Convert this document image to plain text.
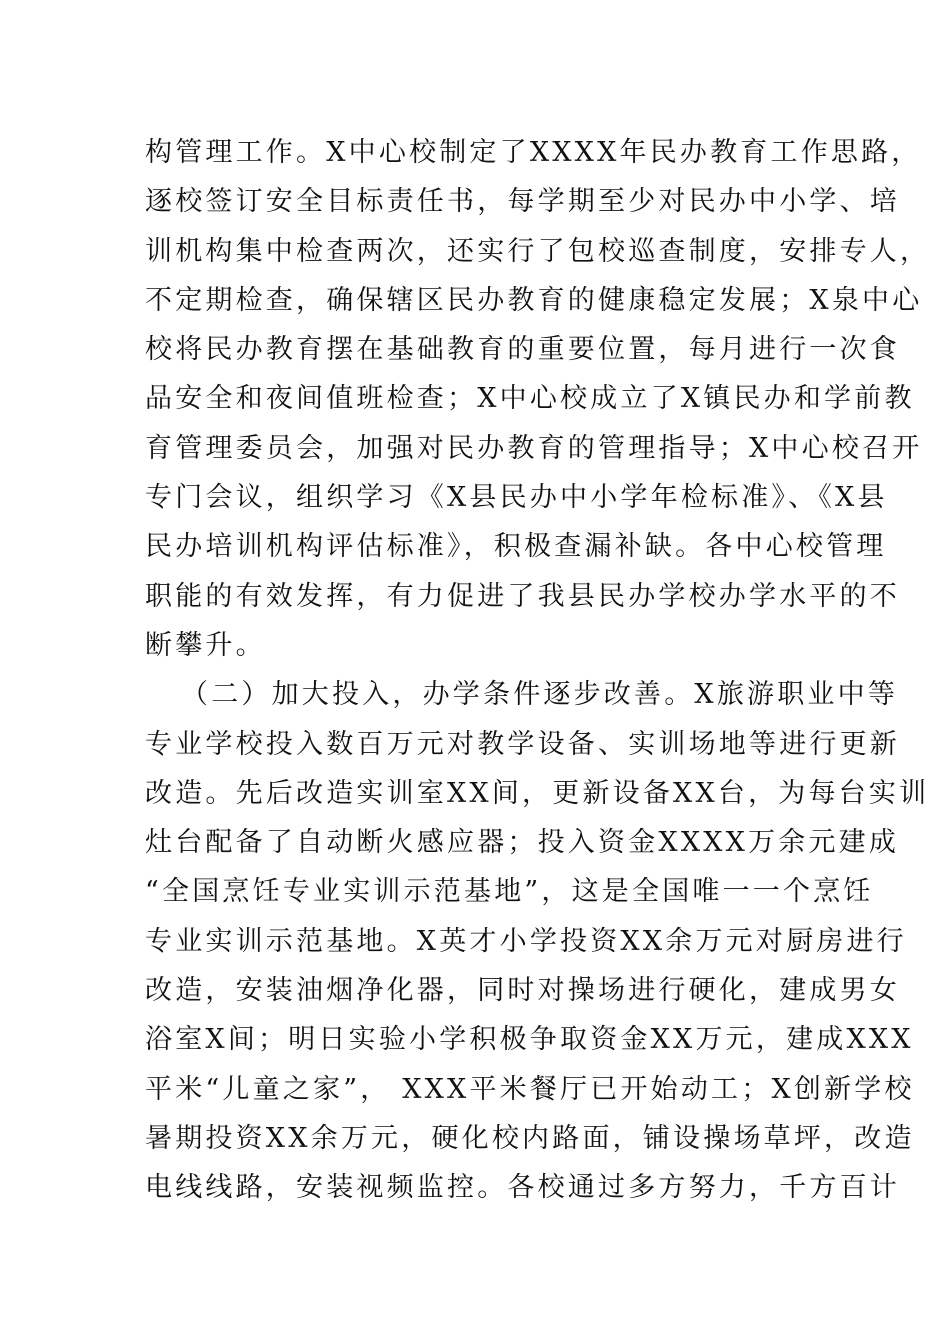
构管理工作。X中心校制定了XXXX年民办教育工作思路，
逐校签订安全目标责任书，每学期至少对民办中小学、培
训机构集中检查两次，还实行了包校巡查制度，安排专人，
不定期检查，确保辖区民办教育的健康稳定发展；X泉中心
校将民办教育摆在基础教育的重要位置，每月进行一次食
品安全和夜间值班检查；X中心校成立了X镇民办和学前教
育管理委员会，加强对民办教育的管理指导；X中心校召开
专门会议，组织学习《X县民办中小学年检标准》、《X县
民办培训机构评估标准》，积极查漏补缺。各中心校管理
职能的有效发挥，有力促进了我县民办学校办学水平的不
断攀升。
（二）加大投入，办学条件逐步改善。X旅游职业中等
专业学校投入数百万元对教学设备、实训场地等进行更新
改造。先后改造实训室XX间，更新设备XX台，为每台实训
灶台配备了自动断火感应器；投入资金XXXX万余元建成
“全国烹饪专业实训示范基地”，这是全国唯一一个烹饪
专业实训示范基地。X英才小学投资XX余万元对厨房进行
改造，安装油烟净化器，同时对操场进行硬化，建成男女
浴室X间；明日实验小学积极争取资金XX万元，建成XXX
平米“儿童之家”， XXX平米餐厅已开始动工；X创新学校
暑期投资XX余万元，硬化校内路面，铺设操场草坪，改造
电线线路，安装视频监控。各校通过多方努力，千方百计
